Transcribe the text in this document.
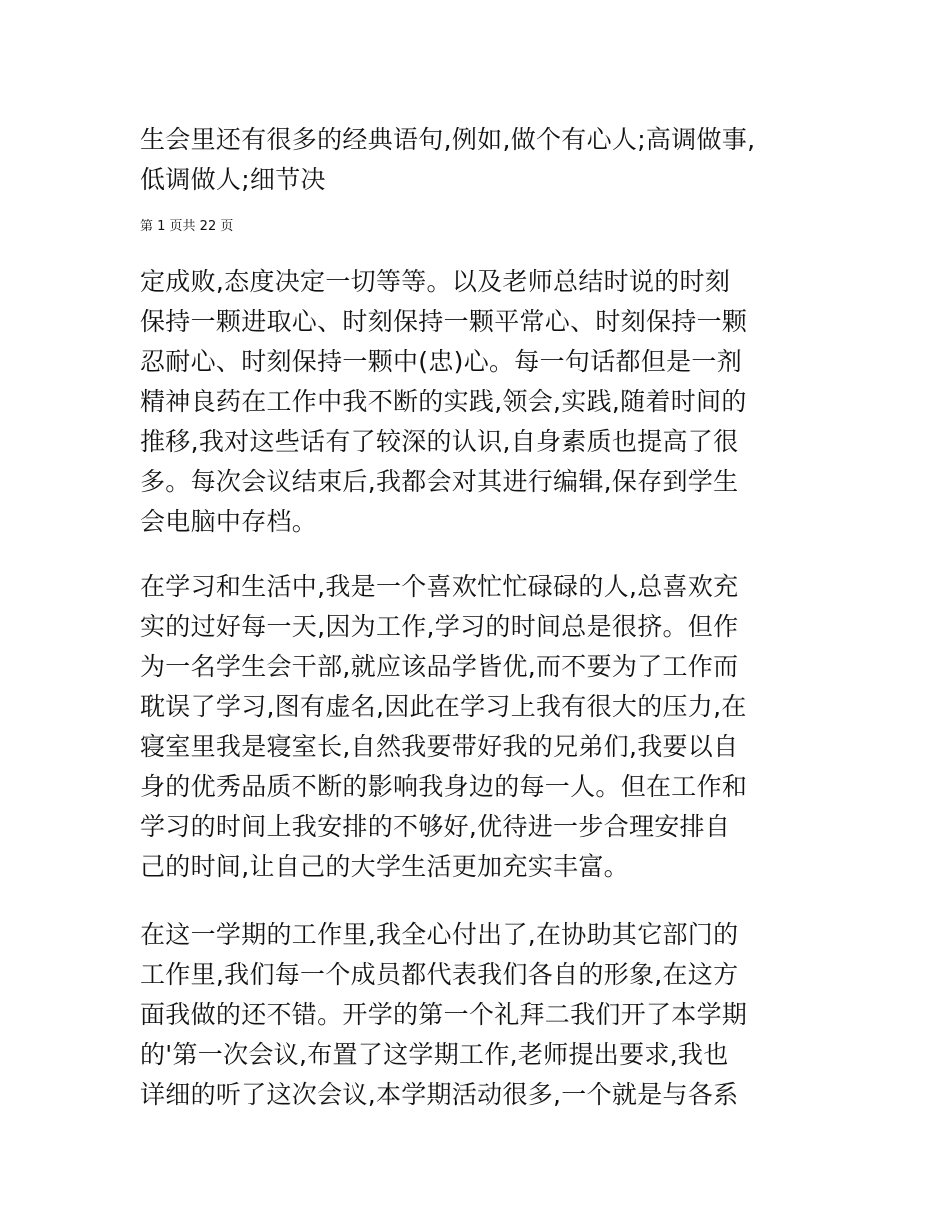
生会里还有很多的经典语句,例如,做个有心人;高调做事,
低调做人;细节决
第 1 页共 22 页
定成败,态度决定一切等等。以及老师总结时说的时刻
保持一颗进取心、时刻保持一颗平常心、时刻保持一颗
忍耐心、时刻保持一颗中(忠)心。每一句话都但是一剂
精神良药在工作中我不断的实践,领会,实践,随着时间的
推移,我对这些话有了较深的认识,自身素质也提高了很
多。每次会议结束后,我都会对其进行编辑,保存到学生
会电脑中存档。
在学习和生活中,我是一个喜欢忙忙碌碌的人,总喜欢充
实的过好每一天,因为工作,学习的时间总是很挤。但作
为一名学生会干部,就应该品学皆优,而不要为了工作而
耽误了学习,图有虚名,因此在学习上我有很大的压力,在
寝室里我是寝室长,自然我要带好我的兄弟们,我要以自
身的优秀品质不断的影响我身边的每一人。但在工作和
学习的时间上我安排的不够好,优待进一步合理安排自
己的时间,让自己的大学生活更加充实丰富。
在这一学期的工作里,我全心付出了,在协助其它部门的
工作里,我们每一个成员都代表我们各自的形象,在这方
面我做的还不错。开学的第一个礼拜二我们开了本学期
的'第一次会议,布置了这学期工作,老师提出要求,我也
详细的听了这次会议,本学期活动很多,一个就是与各系
